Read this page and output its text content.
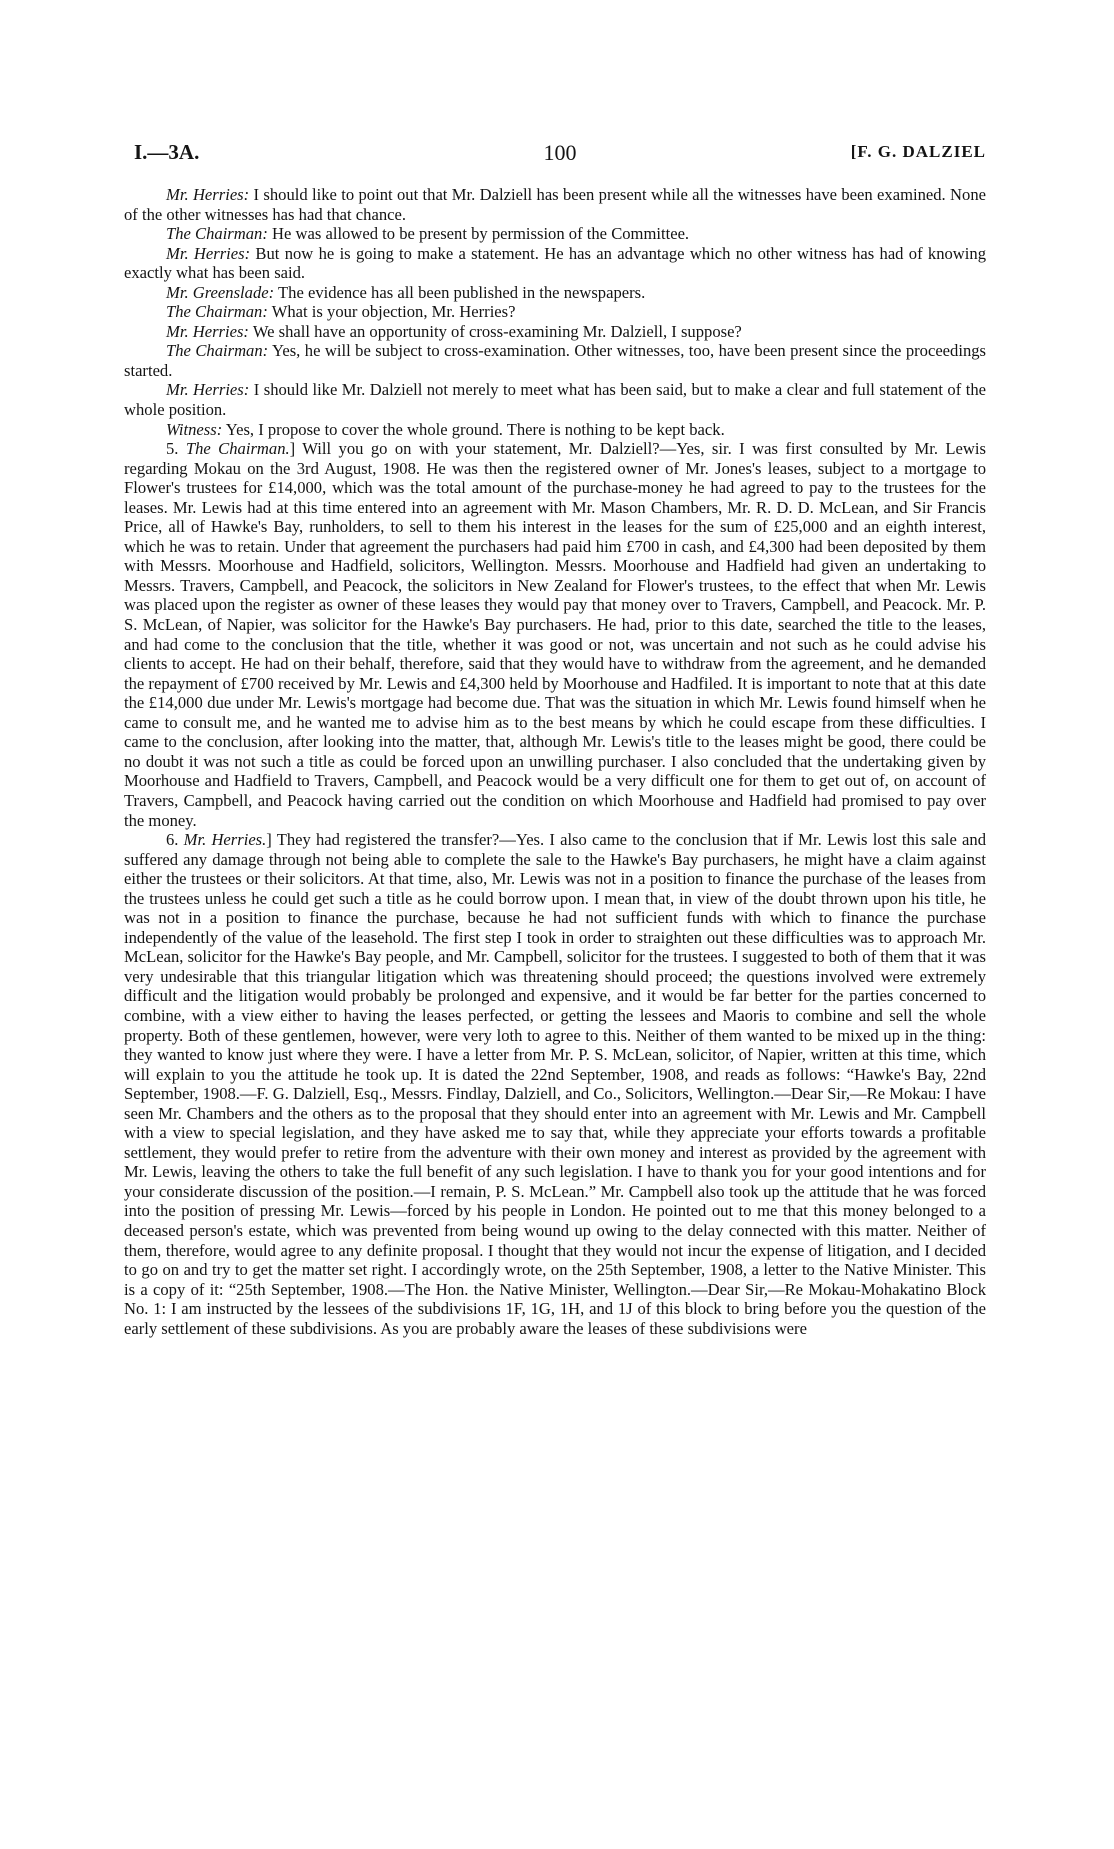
I.—3A.	100	[F. G. DALZIEL

Mr. Herries: I should like to point out that Mr. Dalziell has been present while all the witnesses have been examined. None of the other witnesses has had that chance.

The Chairman: He was allowed to be present by permission of the Committee.

Mr. Herries: But now he is going to make a statement. He has an advantage which no other witness has had of knowing exactly what has been said.

Mr. Greenslade: The evidence has all been published in the newspapers.

The Chairman: What is your objection, Mr. Herries?

Mr. Herries: We shall have an opportunity of cross-examining Mr. Dalziell, I suppose?

The Chairman: Yes, he will be subject to cross-examination. Other witnesses, too, have been present since the proceedings started.

Mr. Herries: I should like Mr. Dalziell not merely to meet what has been said, but to make a clear and full statement of the whole position.

Witness: Yes, I propose to cover the whole ground. There is nothing to be kept back.

5. The Chairman.] Will you go on with your statement, Mr. Dalziell?—Yes, sir. I was first consulted by Mr. Lewis regarding Mokau on the 3rd August, 1908. He was then the registered owner of Mr. Jones's leases, subject to a mortgage to Flower's trustees for £14,000, which was the total amount of the purchase-money he had agreed to pay to the trustees for the leases. Mr. Lewis had at this time entered into an agreement with Mr. Mason Chambers, Mr. R. D. D. McLean, and Sir Francis Price, all of Hawke's Bay, runholders, to sell to them his interest in the leases for the sum of £25,000 and an eighth interest, which he was to retain. Under that agreement the purchasers had paid him £700 in cash, and £4,300 had been deposited by them with Messrs. Moorhouse and Hadfield, solicitors, Wellington. Messrs. Moorhouse and Hadfield had given an undertaking to Messrs. Travers, Campbell, and Peacock, the solicitors in New Zealand for Flower's trustees, to the effect that when Mr. Lewis was placed upon the register as owner of these leases they would pay that money over to Travers, Campbell, and Peacock. Mr. P. S. McLean, of Napier, was solicitor for the Hawke's Bay purchasers. He had, prior to this date, searched the title to the leases, and had come to the conclusion that the title, whether it was good or not, was uncertain and not such as he could advise his clients to accept. He had on their behalf, therefore, said that they would have to withdraw from the agreement, and he demanded the repayment of £700 received by Mr. Lewis and £4,300 held by Moorhouse and Hadfiled. It is important to note that at this date the £14,000 due under Mr. Lewis's mortgage had become due. That was the situation in which Mr. Lewis found himself when he came to consult me, and he wanted me to advise him as to the best means by which he could escape from these difficulties. I came to the conclusion, after looking into the matter, that, although Mr. Lewis's title to the leases might be good, there could be no doubt it was not such a title as could be forced upon an unwilling purchaser. I also concluded that the undertaking given by Moorhouse and Hadfield to Travers, Campbell, and Peacock would be a very difficult one for them to get out of, on account of Travers, Campbell, and Peacock having carried out the condition on which Moorhouse and Hadfield had promised to pay over the money.

6. Mr. Herries.] They had registered the transfer?—Yes. I also came to the conclusion that if Mr. Lewis lost this sale and suffered any damage through not being able to complete the sale to the Hawke's Bay purchasers, he might have a claim against either the trustees or their solicitors. At that time, also, Mr. Lewis was not in a position to finance the purchase of the leases from the trustees unless he could get such a title as he could borrow upon. I mean that, in view of the doubt thrown upon his title, he was not in a position to finance the purchase, because he had not sufficient funds with which to finance the purchase independently of the value of the leasehold. The first step I took in order to straighten out these difficulties was to approach Mr. McLean, solicitor for the Hawke's Bay people, and Mr. Campbell, solicitor for the trustees. I suggested to both of them that it was very undesirable that this triangular litigation which was threatening should proceed; the questions involved were extremely difficult and the litigation would probably be prolonged and expensive, and it would be far better for the parties concerned to combine, with a view either to having the leases perfected, or getting the lessees and Maoris to combine and sell the whole property. Both of these gentlemen, however, were very loth to agree to this. Neither of them wanted to be mixed up in the thing: they wanted to know just where they were. I have a letter from Mr. P. S. McLean, solicitor, of Napier, written at this time, which will explain to you the attitude he took up. It is dated the 22nd September, 1908, and reads as follows: “Hawke's Bay, 22nd September, 1908.—F. G. Dalziell, Esq., Messrs. Findlay, Dalziell, and Co., Solicitors, Wellington.—Dear Sir,—Re Mokau: I have seen Mr. Chambers and the others as to the proposal that they should enter into an agreement with Mr. Lewis and Mr. Campbell with a view to special legislation, and they have asked me to say that, while they appreciate your efforts towards a profitable settlement, they would prefer to retire from the adventure with their own money and interest as provided by the agreement with Mr. Lewis, leaving the others to take the full benefit of any such legislation. I have to thank you for your good intentions and for your considerate discussion of the position.—I remain, P. S. McLean.” Mr. Campbell also took up the attitude that he was forced into the position of pressing Mr. Lewis—forced by his people in London. He pointed out to me that this money belonged to a deceased person's estate, which was prevented from being wound up owing to the delay connected with this matter. Neither of them, therefore, would agree to any definite proposal. I thought that they would not incur the expense of litigation, and I decided to go on and try to get the matter set right. I accordingly wrote, on the 25th September, 1908, a letter to the Native Minister. This is a copy of it: “25th September, 1908.—The Hon. the Native Minister, Wellington.—Dear Sir,—Re Mokau-Mohakatino Block No. 1: I am instructed by the lessees of the subdivisions 1F, 1G, 1H, and 1J of this block to bring before you the question of the early settlement of these subdivisions. As you are probably aware the leases of these subdivisions were
